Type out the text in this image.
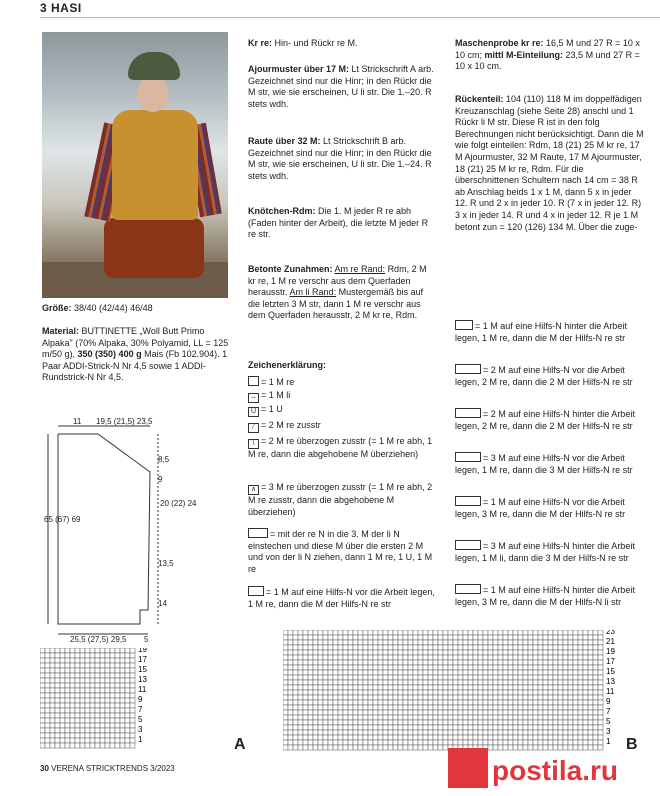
3 HASI
Größe: 38/40 (42/44) 46/48
Material: BUTTINETTE „Woll Butt Primo Alpaka" (70% Alpaka, 30% Polyamid, LL = 125 m/50 g), 350 (350) 400 g Mais (Fb 102.904). 1 Paar ADDI-Strick-N Nr 4,5 sowie 1 ADDI-Rundstrick-N Nr 4,5.
11 19,5 (21,5) 23,5
8,5
9
20 (22) 24
65 (67) 69
13,5
14
25,5 (27,5) 29,5 5
Kr re: Hin- und Rückr re M.
Ajourmuster über 17 M: Lt Strickschrift A arb. Gezeichnet sind nur die Hinr; in den Rückr die M str, wie sie erscheinen, U li str. Die 1.–20. R stets wdh.
Raute über 32 M: Lt Strickschrift B arb. Gezeichnet sind nur die Hinr; in den Rückr die M str, wie sie erscheinen, U li str. Die 1.–24. R stets wdh.
Knötchen-Rdm: Die 1. M jeder R re abh (Faden hinter der Arbeit), die letzte M jeder R re str.
Betonte Zunahmen: Am re Rand: Rdm, 2 M kr re, 1 M re verschr aus dem Querfaden herausstr. Am li Rand: Mustergemäß bis auf die letzten 3 M str, dann 1 M re verschr aus dem Querfaden herausstr, 2 M kr re, Rdm.
Zeichenerklärung:
= 1 M re
– = 1 M li
U = 1 U
⁄ = 2 M re zusstr
\ = 2 M re überzogen zusstr (= 1 M re abh, 1 M re, dann die abgehobene M überziehen)
∧ = 3 M re überzogen zusstr (= 1 M re abh, 2 M re zusstr, dann die abgehobene M überziehen)
= mit der re N in die 3. M der li N einstechen und diese M über die ersten 2 M und von der li N ziehen, dann 1 M re, 1 U, 1 M re
= 1 M auf eine Hilfs-N vor die Arbeit legen, 1 M re, dann die M der Hilfs-N re str
Maschenprobe kr re: 16,5 M und 27 R = 10 x 10 cm; mittl M-Einteilung: 23,5 M und 27 R = 10 x 10 cm.
Rückenteil: 104 (110) 118 M im doppelfädigen Kreuzanschlag (siehe Seite 28) anschl und 1 Rückr li M str. Diese R ist in den folg Berechnungen nicht berücksichtigt. Dann die M wie folgt einteilen: Rdm, 18 (21) 25 M kr re, 17 M Ajourmuster, 32 M Raute, 17 M Ajourmuster, 18 (21) 25 M kr re, Rdm. Für die überschnittenen Schultern nach 14 cm = 38 R ab Anschlag beids 1 x 1 M, dann 5 x in jeder 12. R und 2 x in jeder 10. R (7 x in jeder 12. R) 3 x in jeder 14. R und 4 x in jeder 12. R je 1 M betont zun = 120 (126) 134 M. Über die zuge-
= 1 M auf eine Hilfs-N hinter die Arbeit legen, 1 M re, dann die M der Hilfs-N re str
= 2 M auf eine Hilfs-N vor die Arbeit legen, 2 M re, dann die 2 M der Hilfs-N re str
= 2 M auf eine Hilfs-N hinter die Arbeit legen, 2 M re, dann die 2 M der Hilfs-N re str
= 3 M auf eine Hilfs-N vor die Arbeit legen, 1 M re, dann die 3 M der Hilfs-N re str
= 1 M auf eine Hilfs-N vor die Arbeit legen, 3 M re, dann die M der Hilfs-N re str
= 3 M auf eine Hilfs-N hinter die Arbeit legen, 1 M li, dann die 3 M der Hilfs-N re str
= 1 M auf eine Hilfs-N hinter die Arbeit legen, 3 M re, dann die M der Hilfs-N li str
19
17
15
13
11
9
7
5
3
1	A
23
21
19
17
15
13
11
9
7
5
3
1 B
30 VERENA STRICKTRENDS 3/2023	postila.ru
